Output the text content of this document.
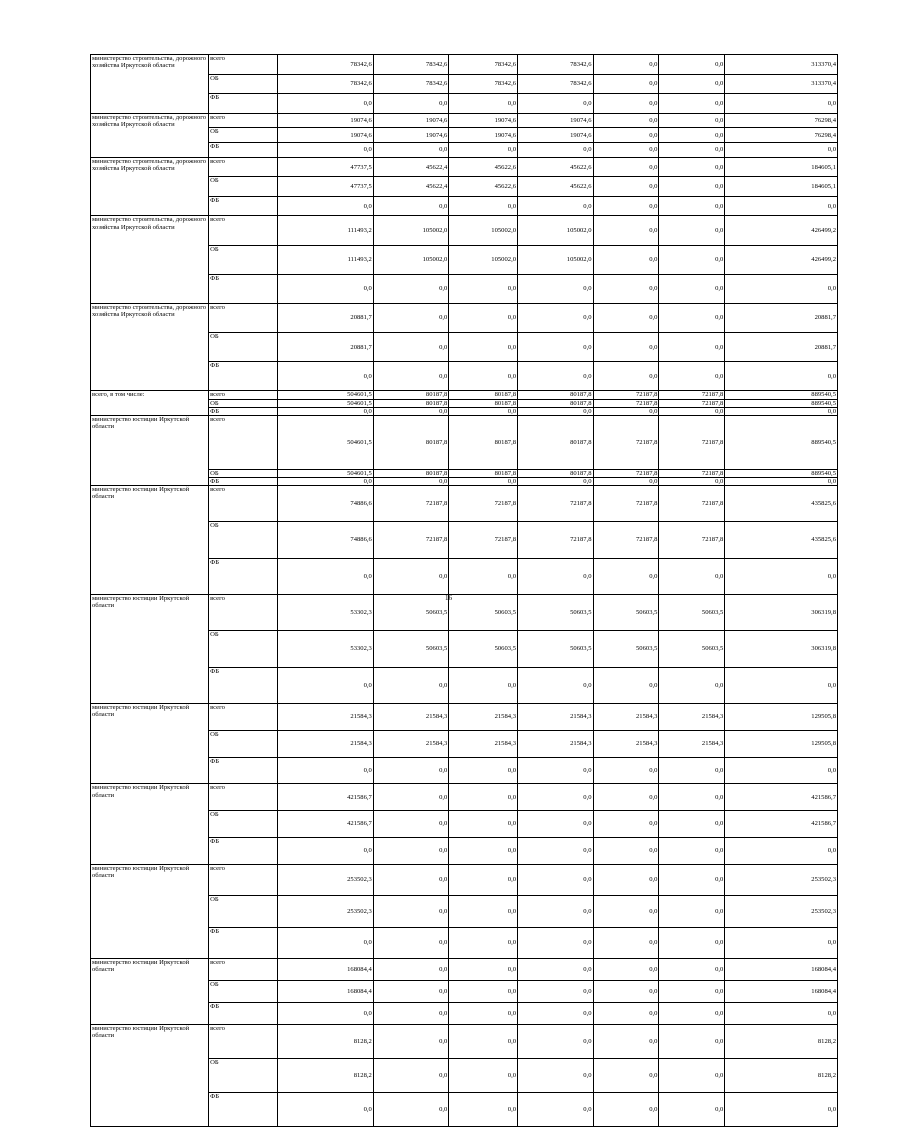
		министерство строительства, дорожного хозяйства Иркутской области	всего	78342,6	78342,6	78342,6	78342,6	0,0	0,0	313370,4
	ОБ	78342,6	78342,6	78342,6	78342,6	0,0	0,0	313370,4
	ФБ	0,0	0,0	0,0	0,0	0,0	0,0	0,0
		министерство строительства, дорожного хозяйства Иркутской области	всего	19074,6	19074,6	19074,6	19074,6	0,0	0,0	76298,4
	ОБ	19074,6	19074,6	19074,6	19074,6	0,0	0,0	76298,4
	ФБ	0,0	0,0	0,0	0,0	0,0	0,0	0,0
		министерство строительства, дорожного хозяйства Иркутской области	всего	47737,5	45622,4	45622,6	45622,6	0,0	0,0	184605,1
	ОБ	47737,5	45622,4	45622,6	45622,6	0,0	0,0	184605,1
	ФБ	0,0	0,0	0,0	0,0	0,0	0,0	0,0
		министерство строительства, дорожного хозяйства Иркутской области	всего	111493,2	105002,0	105002,0	105002,0	0,0	0,0	426499,2
	ОБ	111493,2	105002,0	105002,0	105002,0	0,0	0,0	426499,2
	ФБ	0,0	0,0	0,0	0,0	0,0	0,0	0,0
		министерство строительства, дорожного хозяйства Иркутской области	всего	20881,7	0,0	0,0	0,0	0,0	0,0	20881,7
	ОБ	20881,7	0,0	0,0	0,0	0,0	0,0	20881,7
	ФБ	0,0	0,0	0,0	0,0	0,0	0,0	0,0
		всего, в том числе:	всего	504601,5	80187,8	80187,8	80187,8	72187,8	72187,8	889540,5
	ОБ	504601,5	80187,8	80187,8	80187,8	72187,8	72187,8	889540,5
	ФБ	0,0	0,0	0,0	0,0	0,0	0,0	0,0
министерство юстиции Иркутской области	всего	504601,5	80187,8	80187,8	80187,8	72187,8	72187,8	889540,5
	ОБ	504601,5	80187,8	80187,8	80187,8	72187,8	72187,8	889540,5
	ФБ	0,0	0,0	0,0	0,0	0,0	0,0	0,0
		министерство юстиции Иркутской области	всего	74886,6	72187,8	72187,8	72187,8	72187,8	72187,8	435825,6
	ОБ	74886,6	72187,8	72187,8	72187,8	72187,8	72187,8	435825,6
	ФБ	0,0	0,0	0,0	0,0	0,0	0,0	0,0
		министерство юстиции Иркутской области	всего	53302,3	50603,5	50603,5	50603,5	50603,5	50603,5	306319,8
	ОБ	53302,3	50603,5	50603,5	50603,5	50603,5	50603,5	306319,8
	ФБ	0,0	0,0	0,0	0,0	0,0	0,0	0,0
		министерство юстиции Иркутской области	всего	21584,3	21584,3	21584,3	21584,3	21584,3	21584,3	129505,8
	ОБ	21584,3	21584,3	21584,3	21584,3	21584,3	21584,3	129505,8
	ФБ	0,0	0,0	0,0	0,0	0,0	0,0	0,0
		министерство юстиции Иркутской области	всего	421586,7	0,0	0,0	0,0	0,0	0,0	421586,7
	ОБ	421586,7	0,0	0,0	0,0	0,0	0,0	421586,7
	ФБ	0,0	0,0	0,0	0,0	0,0	0,0	0,0
		министерство юстиции Иркутской области	всего	253502,3	0,0	0,0	0,0	0,0	0,0	253502,3
	ОБ	253502,3	0,0	0,0	0,0	0,0	0,0	253502,3
	ФБ	0,0	0,0	0,0	0,0	0,0	0,0	0,0
		министерство юстиции Иркутской области	всего	168084,4	0,0	0,0	0,0	0,0	0,0	168084,4
	ОБ	168084,4	0,0	0,0	0,0	0,0	0,0	168084,4
	ФБ	0,0	0,0	0,0	0,0	0,0	0,0	0,0
		министерство юстиции Иркутской области	всего	8128,2	0,0	0,0	0,0	0,0	0,0	8128,2
	ОБ	8128,2	0,0	0,0	0,0	0,0	0,0	8128,2
	ФБ	0,0	0,0	0,0	0,0	0,0	0,0	0,0
16
